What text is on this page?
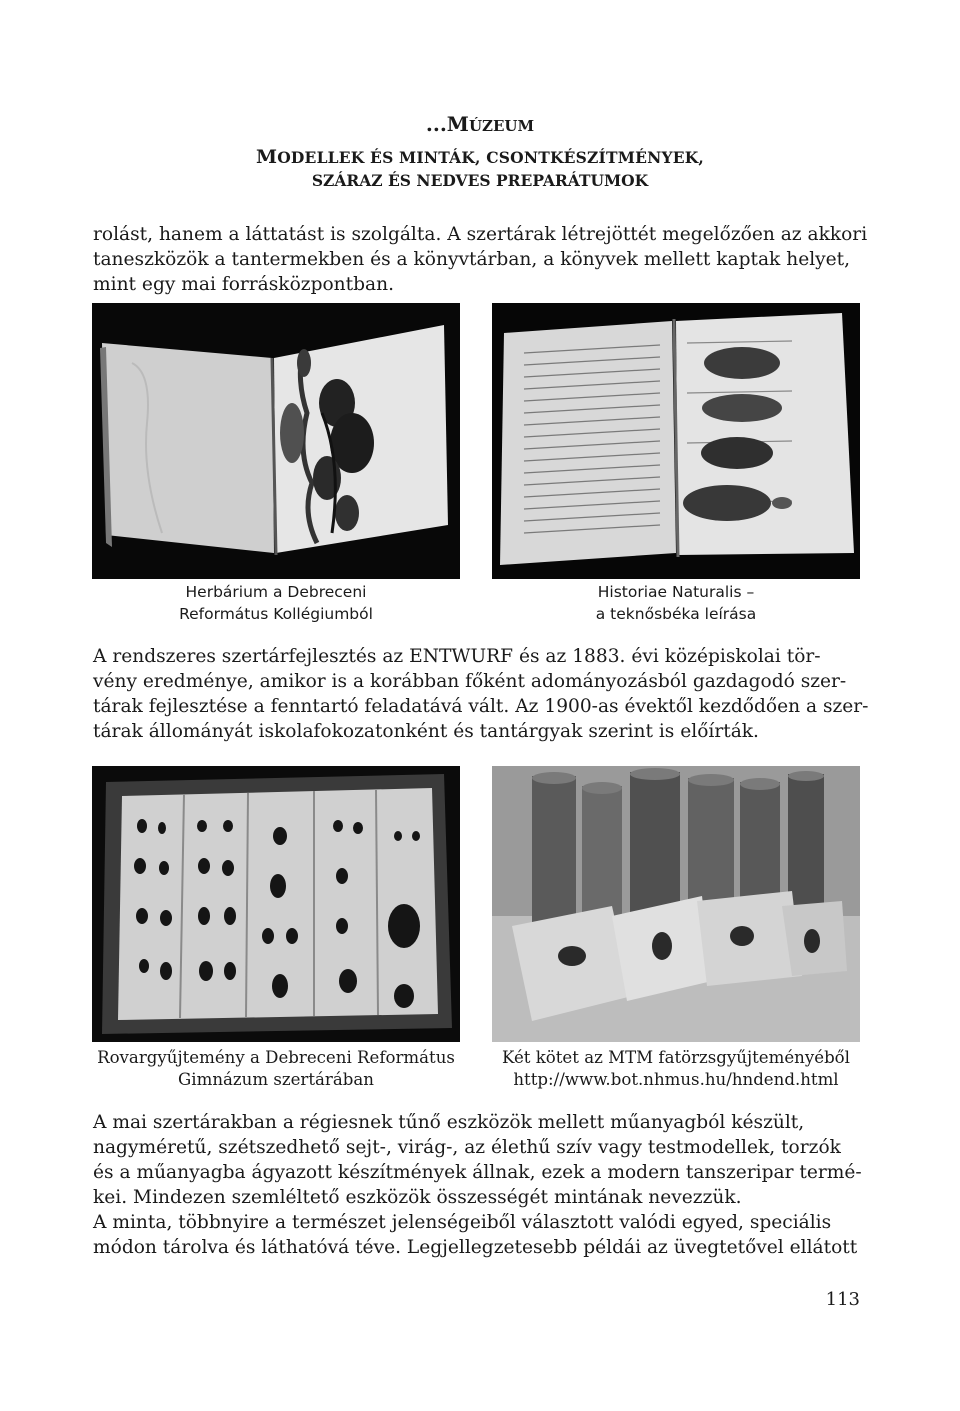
...MÚZEUM
MODELLEK ÉS MINTÁK, CSONTKÉSZÍTMÉNYEK,
SZÁRAZ ÉS NEDVES PREPARÁTUMOK
rolást, hanem a láttatást is szolgálta. A szertárak létrejöttét megelőzően az akkori
taneszközök a tantermekben és a könyvtárban, a könyvek mellett kaptak helyet,
mint egy mai forrásközpontban.
Herbárium a Debreceni
Református Kollégiumból
Historiae Naturalis –
a teknősbéka leírása
A rendszeres szertárfejlesztés az ENTWURF és az 1883. évi középiskolai tör-
vény eredménye, amikor is a korábban főként adományozásból gazdagodó szer-
tárak fejlesztése a fenntartó feladatává vált. Az 1900-as évektől kezdődően a szer-
tárak állományát iskolafokozatonként és tantárgyak szerint is előírták.
Rovargyűjtemény a Debreceni Református
Gimnázum szertárában
Két kötet az MTM fatörzsgyűjteményéből
http://www.bot.nhmus.hu/hndend.html
A mai szertárakban a régiesnek tűnő eszközök mellett műanyagból készült,
nagyméretű, szétszedhető sejt-, virág-, az élethű szív vagy testmodellek, torzók
és a műanyagba ágyazott készítmények állnak, ezek a modern tanszeripar termé-
kei. Mindezen szemléltető eszközök összességét mintának nevezzük.
A minta, többnyire a természet jelenségeiből választott valódi egyed, speciális
módon tárolva és láthatóvá téve. Legjellegzetesebb példái az üvegtetővel ellátott
113
